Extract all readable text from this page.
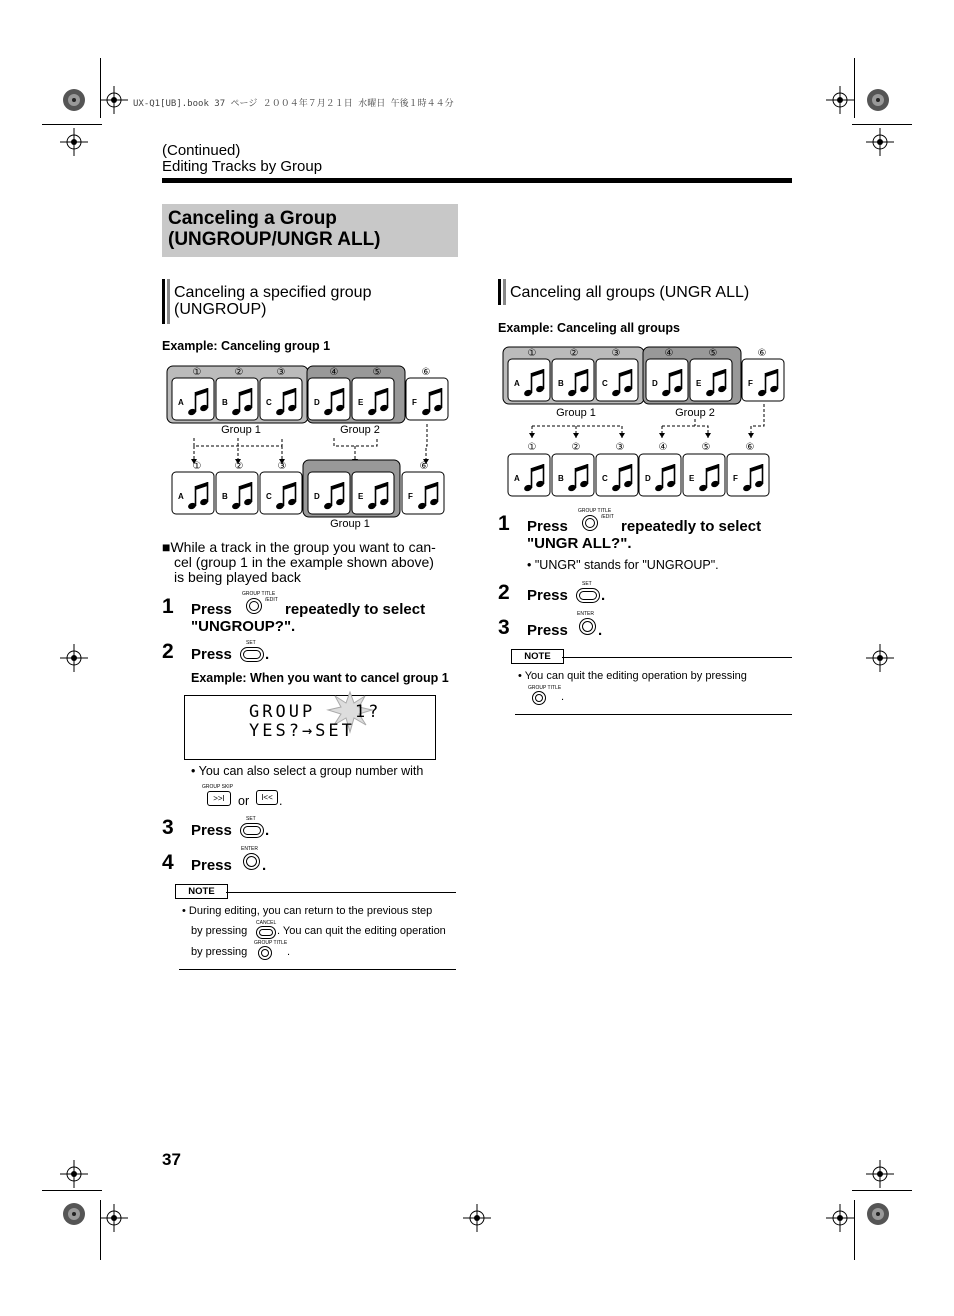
UX-Q1[UB].book 37 ページ ２００４年７月２１日 水曜日 午後１時４４分
(Continued)
Editing Tracks by Group
Canceling a Group
(UNGROUP/UNGR ALL)
Canceling a specified group
(UNGROUP)
Example: Canceling group 1
①	②	③	④	⑤	⑥
A	B	C	D	E	F
Group 1	Group 2
①	②	③	⑥
A	B	C	D	E	F
Group 1
■While a track in the group you want to can-
cel (group 1 in the example shown above)
is being played back
1 Press
GROUP TITLE
/EDIT
repeatedly to select
"UNGROUP?".
2 Press
SET
.
Example: When you want to cancel group 1
GROUP   1?
YES?→SET
• You can also select a group number with
GROUP SKIP
>>I	or	I<< .
3 Press
SET
.
4 Press
ENTER
.
NOTE
• During editing, you can return to the previous step
by pressing
CANCEL
. You can quit the editing operation
by pressing
GROUP TITLE
.
Canceling all groups (UNGR ALL)
Example: Canceling all groups
①	②	③	④	⑤	⑥
A	B	C	D	E	F
Group 1	Group 2
①	②	③	④	⑤	⑥
A	B	C	D	E	F
1 Press
GROUP TITLE
/EDIT
repeatedly to select
"UNGR ALL?".
• "UNGR" stands for "UNGROUP".
2 Press
SET
.
3 Press
ENTER
.
NOTE
• You can quit the editing operation by pressing
GROUP TITLE
.
37
